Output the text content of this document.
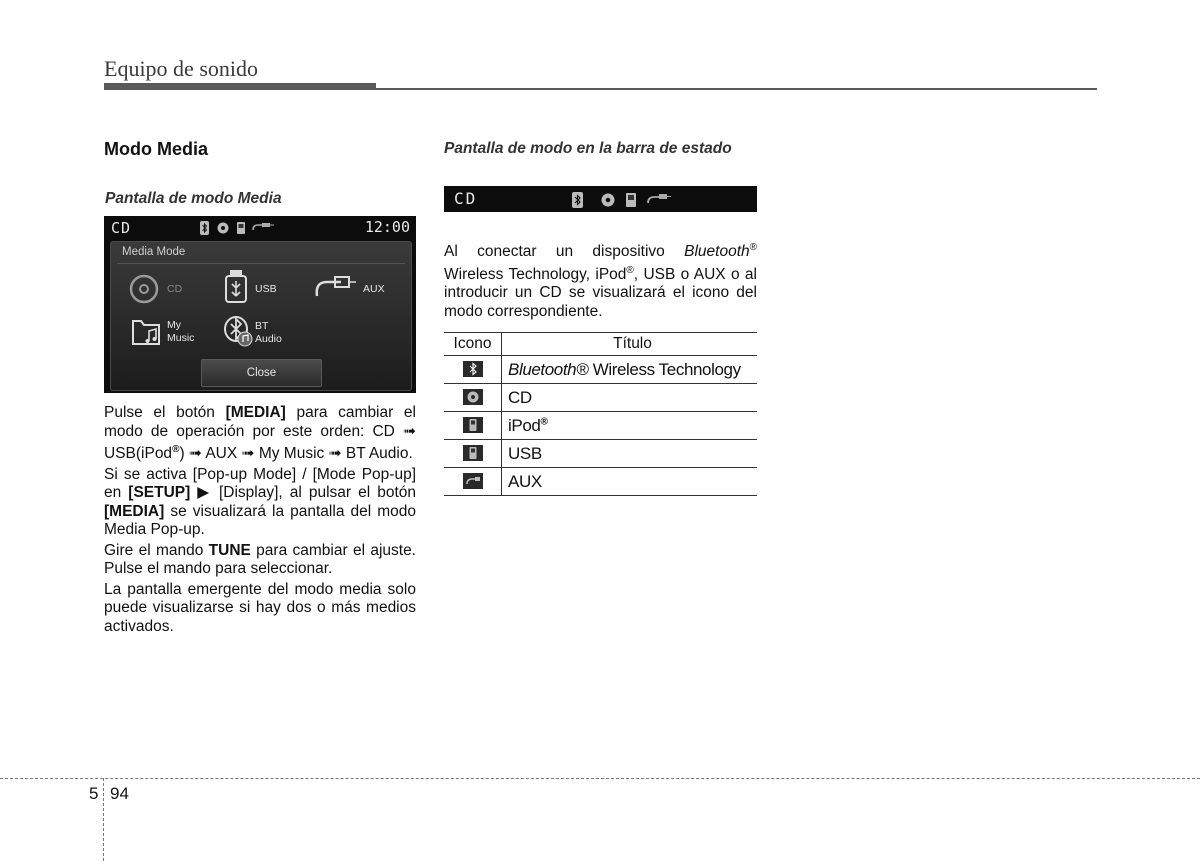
Equipo de sonido
Modo Media
Pantalla de modo Media
CD	12:00
Media Mode
CD	USB	AUX
My
Music
BT
Audio
Close

Pulse el botón [MEDIA] para cambiar el modo de operación por este orden: CD ➟ USB(iPod®) ➟ AUX ➟ My Music ➟ BT Audio.

Si se activa [Pop-up Mode] / [Mode Pop-up] en [SETUP] ▶ [Display], al pulsar el botón [MEDIA] se visualizará la pantalla del modo Media Pop-up.

Gire el mando TUNE para cambiar el ajuste. Pulse el mando para seleccionar.

La pantalla emergente del modo media solo puede visualizarse si hay dos o más medios activados.

Pantalla de modo en la barra de estado
CD
Al conectar un dispositivo Bluetooth® Wireless Technology, iPod®, USB o AUX o al introducir un CD se visualizará el icono del modo correspondiente.
Icono	Título
	Bluetooth® Wireless Technology
	CD
	iPod®
	USB
	AUX
5 94
